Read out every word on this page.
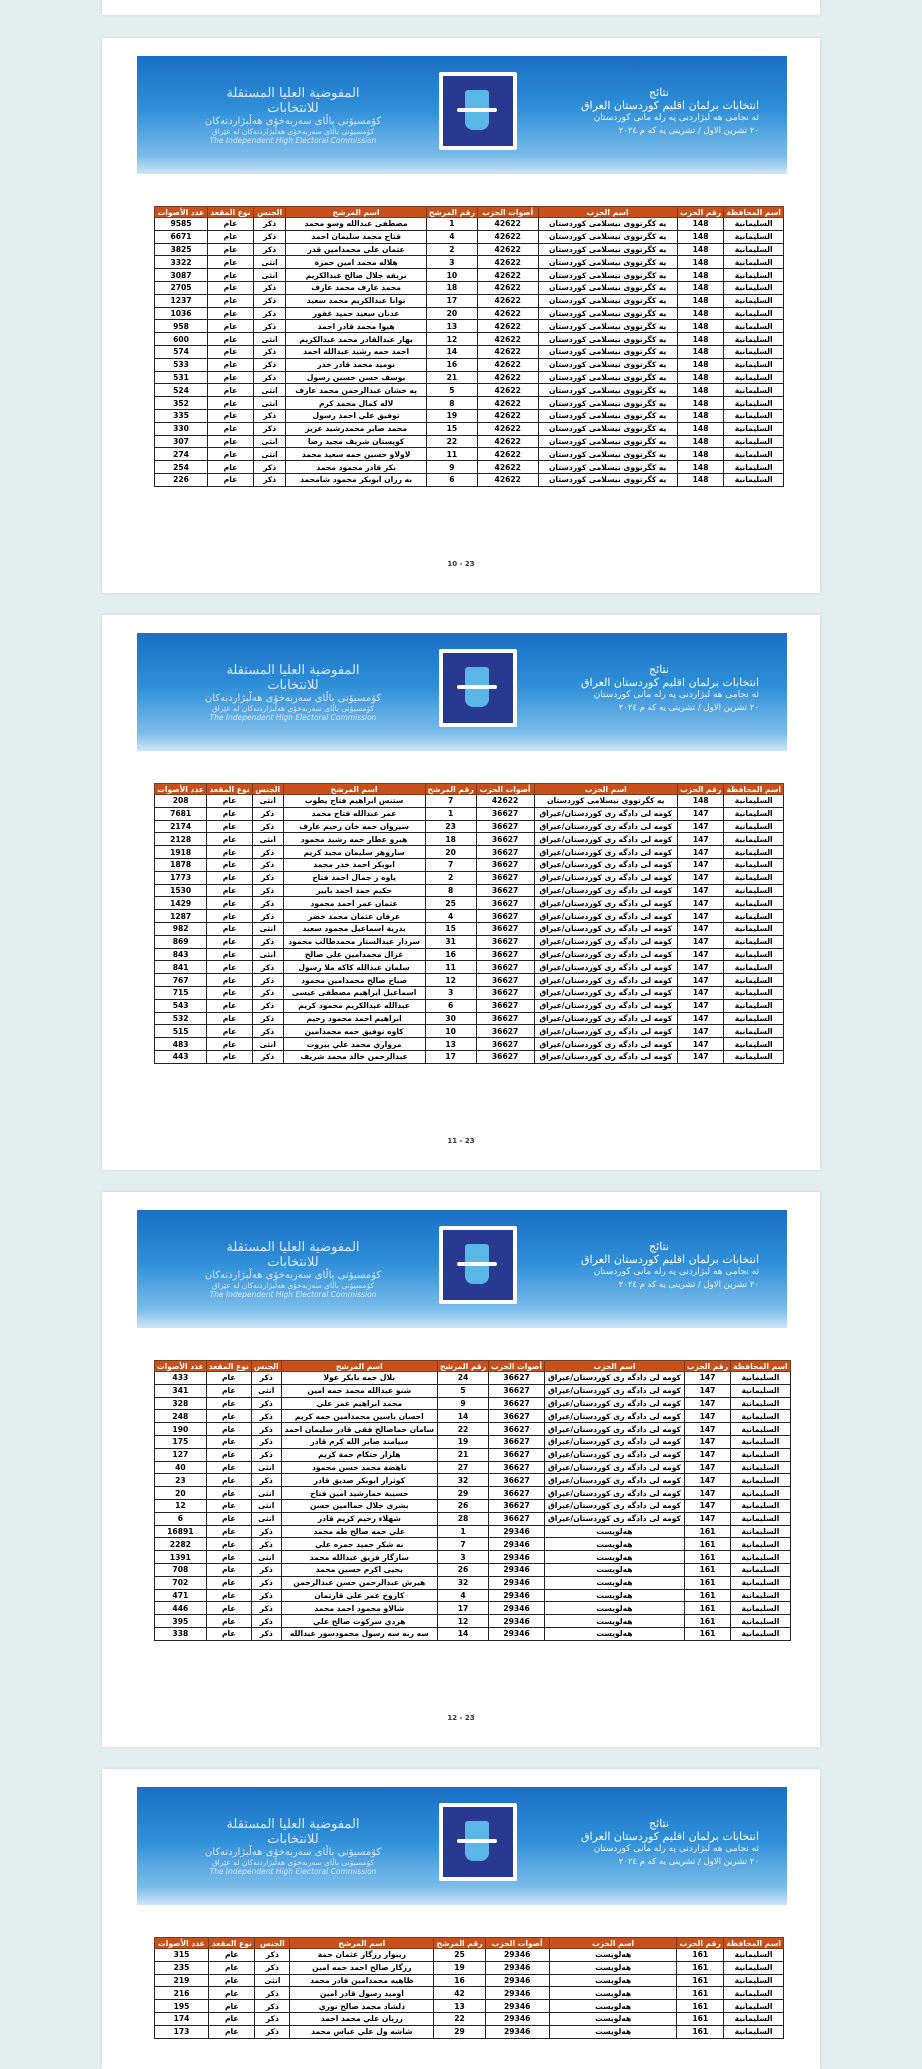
المفوضية العليا المستقلة للانتخابات
كۆمسیۆنی باڵای سەربەخۆی هەڵبژاردنەکان
كۆمسیۆنی باڵای سەربەخۆی هەڵبژاردنەکان لە عێراق
The Independent High Electoral Commission
نتائج
انتخابات برلمان اقليم كوردستان العراق
ئه نجامی هه لبژاردنی په رله مانی كوردستان
٢٠ تشرين الاول / تشرينی يه كه م ٢٠٢٤
اسم المحافظة	رقم الحزب	اسم الحزب	أصوات الحزب	رقم المرشح	اسم المرشح	الجنس	نوع المقعد	عدد الأصوات
السليمانية	148	يه كگرتووی نيسلامی كوردستان	42622	1	مصطفى عبدالله وسو محمد	ذكر	عام	9585
السليمانية	148	يه كگرتووی نيسلامی كوردستان	42622	4	فتاح محمد سليمان احمد	ذكر	عام	6671
السليمانية	148	يه كگرتووی نيسلامی كوردستان	42622	2	عثمان علي محمدامين قدر	ذكر	عام	3825
السليمانية	148	يه كگرتووی نيسلامی كوردستان	42622	3	هلاله محمد امين حمزة	انثى	عام	3322
السليمانية	148	يه كگرتووی نيسلامی كوردستان	42622	10	نريفه جلال صالح عبدالكريم	انثى	عام	3087
السليمانية	148	يه كگرتووی نيسلامی كوردستان	42622	18	محمد عارف محمد عارف	ذكر	عام	2705
السليمانية	148	يه كگرتووی نيسلامی كوردستان	42622	17	توانا عبدالكريم محمد سعيد	ذكر	عام	1237
السليمانية	148	يه كگرتووی نيسلامی كوردستان	42622	20	عدنان سعيد حميد غفور	ذكر	عام	1036
السليمانية	148	يه كگرتووی نيسلامی كوردستان	42622	13	هيوا محمد قادر احمد	ذكر	عام	958
السليمانية	148	يه كگرتووی نيسلامی كوردستان	42622	12	بهار عبدالقادر محمد عبدالكريم	انثى	عام	600
السليمانية	148	يه كگرتووی نيسلامی كوردستان	42622	14	احمد حمه رشيد عبدالله احمد	ذكر	عام	574
السليمانية	148	يه كگرتووی نيسلامی كوردستان	42622	16	نوميد محمد قادر خدر	ذكر	عام	533
السليمانية	148	يه كگرتووی نيسلامی كوردستان	42622	21	يوسف حسن حسين رسول	ذكر	عام	531
السليمانية	148	يه كگرتووی نيسلامی كوردستان	42622	5	په خشان عبدالرحمن محمد عارف	انثى	عام	524
السليمانية	148	يه كگرتووی نيسلامی كوردستان	42622	8	لاله كمال محمد كرم	انثى	عام	352
السليمانية	148	يه كگرتووی نيسلامی كوردستان	42622	19	توفيق علي احمد رسول	ذكر	عام	335
السليمانية	148	يه كگرتووی نيسلامی كوردستان	42622	15	محمد صابر محمدرشيد عزيز	ذكر	عام	330
السليمانية	148	يه كگرتووی نيسلامی كوردستان	42622	22	كويستان شريف مجيد رضا	انثى	عام	307
السليمانية	148	يه كگرتووی نيسلامی كوردستان	42622	11	لاولاو حسين حمه سعيد محمد	انثى	عام	274
السليمانية	148	يه كگرتووی نيسلامی كوردستان	42622	9	بكر قادر محمود محمد	ذكر	عام	254
السليمانية	148	يه كگرتووی نيسلامی كوردستان	42622	6	به رزان ابوبكر محمود شامحمد	ذكر	عام	226
10 - 23
المفوضية العليا المستقلة للانتخابات
كۆمسیۆنی باڵای سەربەخۆی هەڵبژاردنەکان
كۆمسیۆنی باڵای سەربەخۆی هەڵبژاردنەکان لە عێراق
The Independent High Electoral Commission
نتائج
انتخابات برلمان اقليم كوردستان العراق
ئه نجامی هه لبژاردنی په رله مانی كوردستان
٢٠ تشرين الاول / تشرينی يه كه م ٢٠٢٤
اسم المحافظة	رقم الحزب	اسم الحزب	أصوات الحزب	رقم المرشح	اسم المرشح	الجنس	نوع المقعد	عدد الأصوات
السليمانية	148	يه كگرتووی نيسلامی كوردستان	42622	7	ستنس ابراهيم فتاح يطوب	انثى	عام	208
السليمانية	147	كومه لی دادگه ری كوردستان/عیراق	36627	1	عمر عبدالله فتاح محمد	ذكر	عام	7681
السليمانية	147	كومه لی دادگه ری كوردستان/عیراق	36627	23	سيروان حمه خان رحيم عارف	ذكر	عام	2174
السليمانية	147	كومه لی دادگه ری كوردستان/عیراق	36627	18	هيرو عطار حمه رشيد محمود	انثى	عام	2128
السليمانية	147	كومه لی دادگه ری كوردستان/عیراق	36627	20	ساروهر سليمان مجيد كريم	ذكر	عام	1918
السليمانية	147	كومه لی دادگه ری كوردستان/عیراق	36627	7	ابوبكر احمد خدر محمد	ذكر	عام	1878
السليمانية	147	كومه لی دادگه ری كوردستان/عیراق	36627	2	ياوه ر جمال احمد فتاح	ذكر	عام	1773
السليمانية	147	كومه لی دادگه ری كوردستان/عیراق	36627	8	حكيم حمد احمد بايير	ذكر	عام	1530
السليمانية	147	كومه لی دادگه ری كوردستان/عیراق	36627	25	عثمان عمر احمد محمود	ذكر	عام	1429
السليمانية	147	كومه لی دادگه ری كوردستان/عیراق	36627	4	عرفان عثمان محمد خضر	ذكر	عام	1287
السليمانية	147	كومه لی دادگه ری كوردستان/عیراق	36627	15	بدرية اسماعيل محمود سعيد	انثى	عام	982
السليمانية	147	كومه لی دادگه ری كوردستان/عیراق	36627	31	سردار عبدالستار محمدطالب محمود	ذكر	عام	869
السليمانية	147	كومه لی دادگه ری كوردستان/عیراق	36627	16	غزال محمدامين علي صالح	انثى	عام	843
السليمانية	147	كومه لی دادگه ری كوردستان/عیراق	36627	11	سلمان عبدالله كاكه ملا رسول	ذكر	عام	841
السليمانية	147	كومه لی دادگه ری كوردستان/عیراق	36627	12	صباح صالح محمدامين محمود	ذكر	عام	767
السليمانية	147	كومه لی دادگه ری كوردستان/عیراق	36627	3	اسماعيل ابراهيم مصطفى عيسى	ذكر	عام	715
السليمانية	147	كومه لی دادگه ری كوردستان/عیراق	36627	6	عبدالله عبدالكريم محمود كريم	ذكر	عام	543
السليمانية	147	كومه لی دادگه ری كوردستان/عیراق	36627	30	ابراهيم احمد محمود رحيم	ذكر	عام	532
السليمانية	147	كومه لی دادگه ری كوردستان/عیراق	36627	10	كاوه توفيق حمه محمدامين	ذكر	عام	515
السليمانية	147	كومه لی دادگه ری كوردستان/عیراق	36627	13	مرواري محمد علي بيروت	انثى	عام	483
السليمانية	147	كومه لی دادگه ری كوردستان/عیراق	36627	17	عبدالرحمن خالد محمد شريف	ذكر	عام	443
11 - 23
المفوضية العليا المستقلة للانتخابات
كۆمسیۆنی باڵای سەربەخۆی هەڵبژاردنەکان
كۆمسیۆنی باڵای سەربەخۆی هەڵبژاردنەکان لە عێراق
The Independent High Electoral Commission
نتائج
انتخابات برلمان اقليم كوردستان العراق
ئه نجامی هه لبژاردنی په رله مانی كوردستان
٢٠ تشرين الاول / تشرينی يه كه م ٢٠٢٤
اسم المحافظة	رقم الحزب	اسم الحزب	أصوات الحزب	رقم المرشح	اسم المرشح	الجنس	نوع المقعد	عدد الأصوات
السليمانية	147	كومه لی دادگه ری كوردستان/عیراق	36627	24	بلال حمه بايكر عولا	ذكر	عام	433
السليمانية	147	كومه لی دادگه ری كوردستان/عیراق	36627	5	شنو عبدالله محمد حمه امين	انثى	عام	341
السليمانية	147	كومه لی دادگه ری كوردستان/عیراق	36627	9	محمد ابراهيم عمر علي	ذكر	عام	328
السليمانية	147	كومه لی دادگه ری كوردستان/عیراق	36627	14	احسان ياسين محمدامين حمه كريم	ذكر	عام	248
السليمانية	147	كومه لی دادگه ری كوردستان/عیراق	36627	22	سامان حماصالح فقى قادر سليمان احمد	ذكر	عام	190
السليمانية	147	كومه لی دادگه ری كوردستان/عیراق	36627	19	سيامند صابر الله كرم قادر	ذكر	عام	175
السليمانية	147	كومه لی دادگه ری كوردستان/عیراق	36627	21	هلزار حتكام حمة كريم	ذكر	عام	127
السليمانية	147	كومه لی دادگه ری كوردستان/عیراق	36627	27	ناهضة محمد حسن محمود	انثى	عام	40
السليمانية	147	كومه لی دادگه ری كوردستان/عیراق	36627	32	كوثرار ابوبكر صديق قادر	ذكر	عام	23
السليمانية	147	كومه لی دادگه ری كوردستان/عیراق	36627	29	حسيبة حمارشيد امين فتاح	انثى	عام	20
السليمانية	147	كومه لی دادگه ری كوردستان/عیراق	36627	26	بشرى جلال حماامين حسن	انثى	عام	12
السليمانية	147	كومه لی دادگه ری كوردستان/عیراق	36627	28	شهلاء رحيم كريم قادر	انثى	عام	6
السليمانية	161	هەلویست	29346	1	علي حمه صالح طه محمد	ذكر	عام	16891
السليمانية	161	هەلویست	29346	7	نه شكر حميد حمزه علي	ذكر	عام	2282
السليمانية	161	هەلویست	29346	3	سازگار فريق عبدالله محمد	انثى	عام	1391
السليمانية	161	هەلویست	29346	26	يحيى اكرم حسين محمد	ذكر	عام	708
السليمانية	161	هەلویست	29346	32	هيرش عبدالرحمن حسن عبدالرحمن	ذكر	عام	702
السليمانية	161	هەلویست	29346	4	كاروخ عمر علي قارتمان	ذكر	عام	471
السليمانية	161	هەلویست	29346	17	شالاو محمود احمد محمد	ذكر	عام	446
السليمانية	161	هەلویست	29346	12	هردي سركوت صالح علي	ذكر	عام	395
السليمانية	161	هەلویست	29346	14	سه ربه سه رسول محمودسور عبدالله	ذكر	عام	338
12 - 23
المفوضية العليا المستقلة للانتخابات
كۆمسیۆنی باڵای سەربەخۆی هەڵبژاردنەکان
كۆمسیۆنی باڵای سەربەخۆی هەڵبژاردنەکان لە عێراق
The Independent High Electoral Commission
نتائج
انتخابات برلمان اقليم كوردستان العراق
ئه نجامی هه لبژاردنی په رله مانی كوردستان
٢٠ تشرين الاول / تشرينی يه كه م ٢٠٢٤
اسم المحافظة	رقم الحزب	اسم الحزب	أصوات الحزب	رقم المرشح	اسم المرشح	الجنس	نوع المقعد	عدد الأصوات
السليمانية	161	هەلویست	29346	25	ريبوار رزگار عثمان حمة	ذكر	عام	315
السليمانية	161	هەلویست	29346	19	رزگار صالح احمد حمه امين	ذكر	عام	235
السليمانية	161	هەلویست	29346	16	ظاهيه محمدامين قادر محمد	انثى	عام	219
السليمانية	161	هەلویست	29346	42	اوميد رسول قادر امين	ذكر	عام	216
السليمانية	161	هەلویست	29346	13	دلشاد محمد صالح نوري	ذكر	عام	195
السليمانية	161	هەلویست	29346	22	زريان علي محمد احمد	ذكر	عام	174
السليمانية	161	هەلویست	29346	29	شاشه ول علي عباس محمد	ذكر	عام	173
